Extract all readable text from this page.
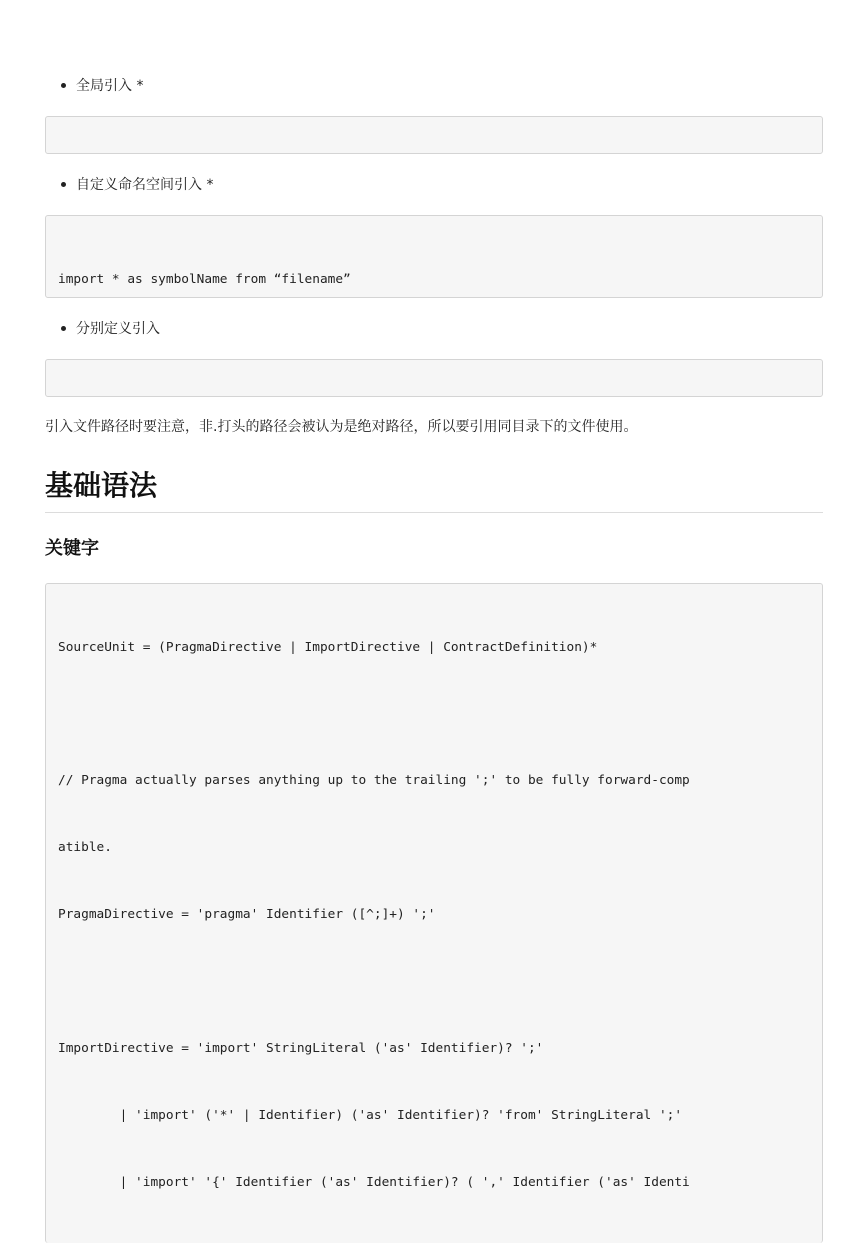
全局引入 *

自定义命名空间引入 *

import * as symbolName from “filename”

分别定义引入

引入文件路径时要注意，非.打头的路径会被认为是绝对路径，所以要引用同目录下的文件使用。
基础语法
关键字

SourceUnit = (PragmaDirective | ImportDirective | ContractDefinition)*

// Pragma actually parses anything up to the trailing ';' to be fully forward-comp

atible.

PragmaDirective = 'pragma' Identifier ([^;]+) ';'

ImportDirective = 'import' StringLiteral ('as' Identifier)? ';'

| 'import' ('*' | Identifier) ('as' Identifier)? 'from' StringLiteral ';'

| 'import' '{' Identifier ('as' Identifier)? ( ',' Identifier ('as' Identi
